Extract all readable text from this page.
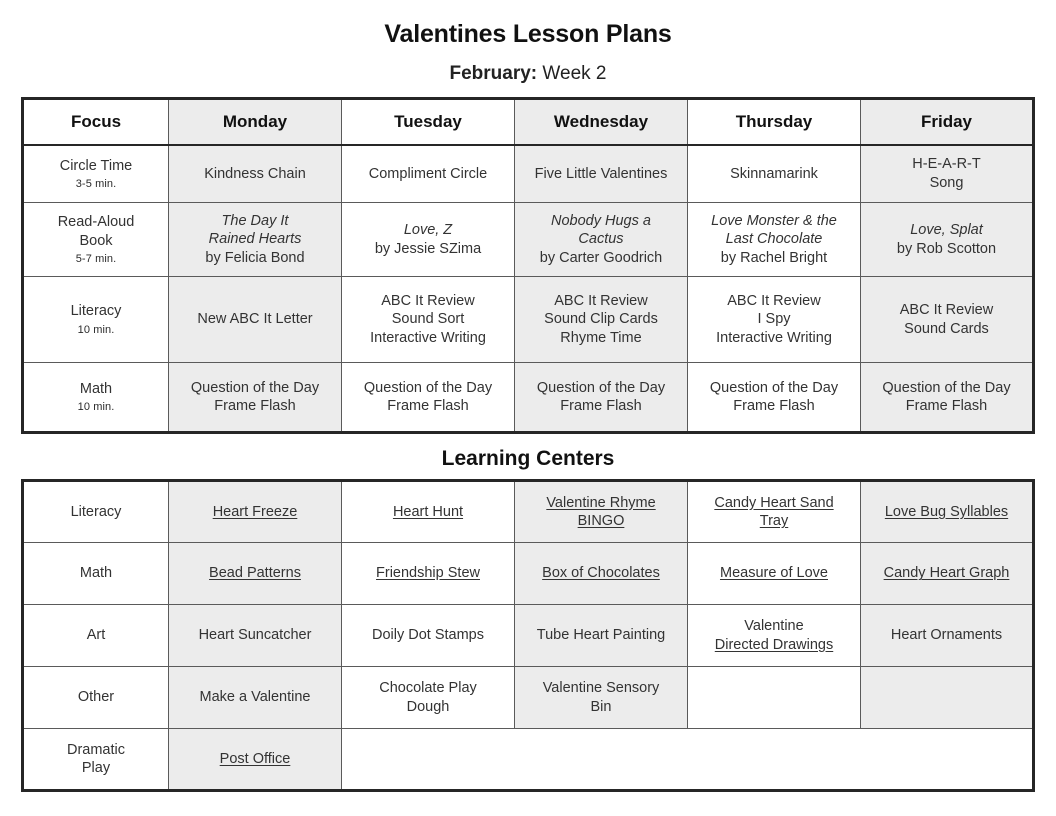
Valentines Lesson Plans
February: Week 2
Focus	Monday	Tuesday	Wednesday	Thursday	Friday

Circle Time
3-5 min.	Kindness Chain	Compliment Circle	Five Little Valentines	Skinnamarink	H-E-A-R-T
Song

Read-Aloud
Book
5-7 min.	The Day It
Rained Hearts
by Felicia Bond	Love, Z
by Jessie SZima	Nobody Hugs a
Cactus
by Carter Goodrich	Love Monster & the
Last Chocolate
by Rachel Bright	Love, Splat
by Rob Scotton

Literacy
10 min.	New ABC It Letter	ABC It Review
Sound Sort
Interactive Writing	ABC It Review
Sound Clip Cards
Rhyme Time	ABC It Review
I Spy
Interactive Writing	ABC It Review
Sound Cards

Math
10 min.	Question of the Day
Frame Flash	Question of the Day
Frame Flash	Question of the Day
Frame Flash	Question of the Day
Frame Flash	Question of the Day
Frame Flash
Learning Centers
Literacy	Heart Freeze	Heart Hunt	Valentine Rhyme
BINGO	Candy Heart Sand
Tray	Love Bug Syllables

Math	Bead Patterns	Friendship Stew	Box of Chocolates	Measure of Love	Candy Heart Graph

Art	Heart Suncatcher	Doily Dot Stamps	Tube Heart Painting	Valentine
Directed Drawings	Heart Ornaments

Other	Make a Valentine	Chocolate Play
Dough	Valentine Sensory
Bin		

Dramatic
Play	Post Office				
